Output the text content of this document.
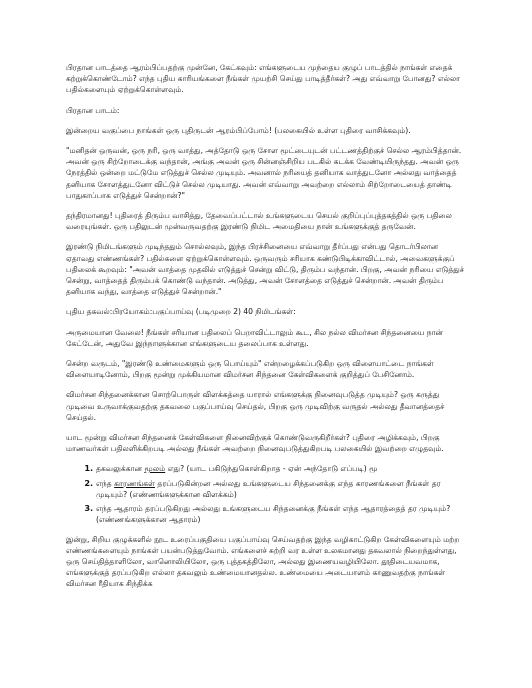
பிரதான பாடத்தை ஆரம்பிப்பதற்கு முன்னே, கேட்கவும்: எங்களுடைய முந்தைய குழுப் பாடத்தில் நாங்கள் எதைக் கற்றுக்கொண்டோம்? எந்த புதிய காரியங்களை நீங்கள் முயற்சி செய்து பாடித்தீர்கள்? அது எவ்வாறு போனது? எல்லா பதில்களையும் ஏற்றுக்கொள்ளவும்.

பிரதான பாடம்:

இன்றைய வகுப்பை நாங்கள் ஒரு புதிருடன் ஆரம்பிப்போம்! (பலகையில் உள்ள புதிரை வாசிக்கவும்).

"மனிதன் ஒருவன், ஒரு நரி, ஒரு வாத்து, அத்தோடு ஒரு சோள மூட்டையுடன் பட்டணத்திற்குச் செல்ல ஆரம்பித்தான். அவன் ஒரு சிற்றோடைக்கு வந்தான், அங்கு அவன் ஒரு சின்னஞ்சிறிய படகில் கடக்க வேண்டியிருந்தது. அவன் ஒரு நேரத்தில் ஒன்றை மட்டுமே எடுத்துச் செல்ல முடியும். அவனால் நரியைத் தனியாக வாத்துடனோ அல்லது வாத்தைத் தனியாக சோளத்துடனோ விட்டுச் செல்ல முடியாது. அவன் எவ்வாறு அவற்றை எல்லாம் சிற்றோடையைத் தாண்டி பாதுகாப்பாக எடுத்துச் சென்றான்?"

தந்திரமானது! புதிரைத் திரும்ப வாசித்து, தேவைப்பட்டால் உங்களுடைய செயல் குறிப்புப்புத்தகத்தில் ஒரு பதிலை வரையுங்கள். ஒரு பதிலுடன் முன்வருவதற்கு இரண்டு நிமிட அமைதியை நான் உங்களுக்குத் தருவேன்.

இரண்டு நிமிடங்களும் முடிந்ததும் சொல்லவும், இந்த பிரச்சினையை எவ்வாறு தீர்ப்பது என்பது தொடர்பிலான ஏதாவது எண்ணங்கள்? பதில்களை ஏற்றுக்கொள்ளவும். ஒருவரும் சரியாக கண்டுபிடிக்காவிட்டால், அவைகளுக்குப் பதிலைக் கூறவும்: "அவன் வாத்தை முதலில் எடுத்துச் சென்று விட்டு, திரும்ப வந்தான். பிறகு, அவன் நரியை எடுத்துச் சென்று, வாத்தைத் திரும்பக் கொண்டு வந்தான். அடுத்து, அவன் சோளத்தை எடுத்துச் சென்றான். அவன் திரும்ப தனியாக வந்து, வாத்தை எடுத்துச் சென்றான்."

புதிய தகவல்:பிரயோகம்:பகுப்பாய்வு (படிமுறை 2) 40 நிமிடங்கள்:

அருமையான வேலை! நீங்கள் சரியான பதிலைப் பெறாவிட்டாலும் கூட, சில நல்ல விமர்சன சிந்தனையை நான் கேட்டேன், அதுவே இந்நாளுக்கான எங்களுடைய தலைப்பாக உள்ளது.

சென்ற வருடம், "இரண்டு உண்மைகளும் ஒரு பொய்யும்" என்றழைக்கப்படுகிற ஒரு விளையாட்டை நாங்கள் விளையாடினோம், பிறகு மூன்று முக்கியமான விமர்சன சிந்தனை கேள்விகளைக் குறித்துப் பேசினோம்.

விமர்சன சிந்தனைக்கான சொற்பொருள் விளக்கத்தை யாரால் எங்களுக்கு நினைவுபடுத்த முடியும்? ஒரு கருத்து முடிவை உருவாக்குவதற்கு தகவலை பகுப்பாய்வு செய்தல், பிறகு ஒரு முடிவிற்கு வருதல் அல்லது தீவானத்தைச் செய்தல்.

யாட மூன்று விமர்சன சிந்தனைக் கேள்விகளை நினைவிற்குக் கொண்டுவருகிறீர்கள்? புதிரை அழிக்கவும், பிறகு மாணவர்கள் பதிலளிக்கிறபடி அல்லது நீங்கள் அவற்றை நினைவுபடுத்துகிறபடி பலகையில் இவற்றை எழுதவும்.

1. தகவலுக்கான மூலம் எது? (யாட பகிடுந்துகொள்கிறாத - ஏன் அந்தோடு எப்படி) மூ
2. எந்த காரணங்கள் தரப்படுகின்றன அல்லது உங்களுடைய சிந்தனைக்கு எந்த காரணங்களை நீங்கள் தர முடியும்? (எண்ணங்களுக்கான விளக்கம்)
3. எந்த ஆதாரம் தரப்படுகிறது அல்லது உங்களுடைய சிந்தனைக்கு நீங்கள் எந்த ஆதாரத்தைத் தர முடியும்? (எண்ணங்களுக்கான ஆதாரம்)

இன்று, சிறிய குழுக்களில் நூட உரைப்பகுதியை பகுப்பாய்வு செய்வதற்கு இந்த வழிகாட்டுகிற கேள்விகளையும் மற்ற எண்ணங்களையும் நாங்கள் பயன்படுத்துவோம். எங்களைச் சுற்றி வர உள்ள உலகமானது தகவலால் நிறைந்துள்ளது, ஒரு செய்தித்தாளிலோ, வானொலியிலோ, ஒரு புத்தகத்திலோ, அல்லது இணையவழியிலோ. தூதிடையவமாக, எங்களுக்குத் தரப்படுகிற எல்லா தகவலும் உண்மையானதல்ல. உண்மையை அடையாளம் காணுவதற்கு நாங்கள் விமர்சன ரீதியாக சிந்திக்க
